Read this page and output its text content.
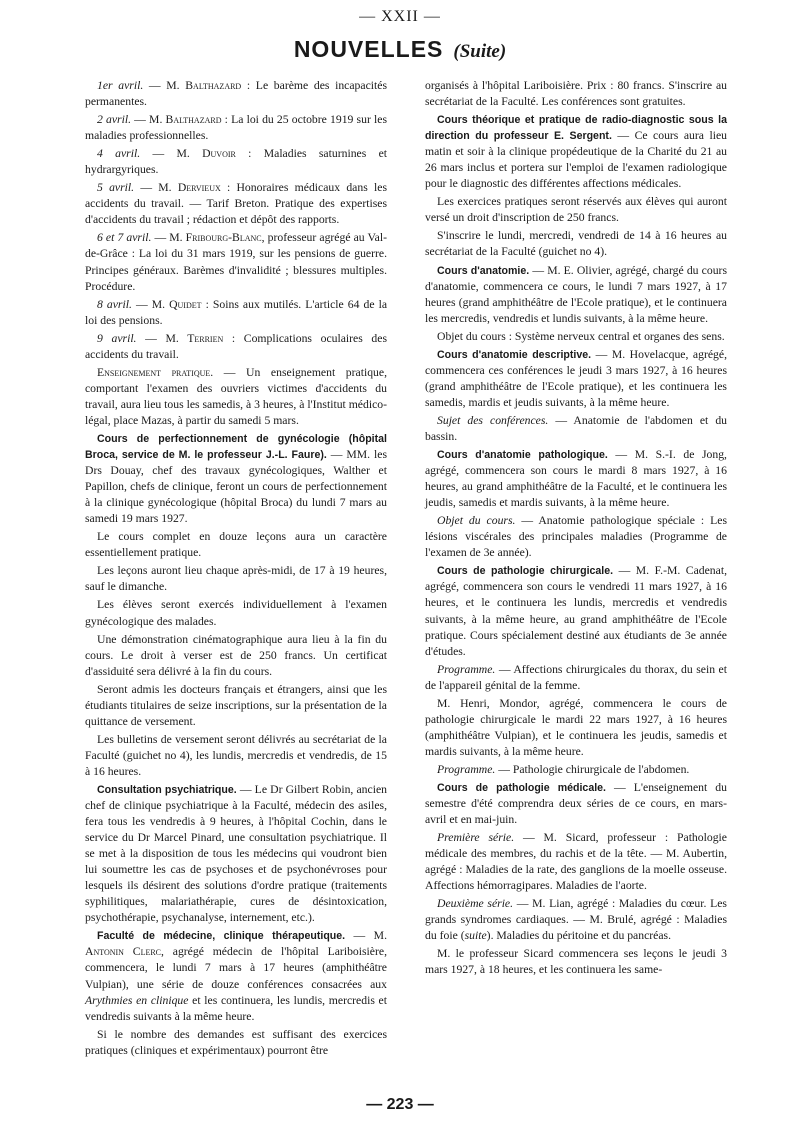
— XXII —
NOUVELLES (Suite)

1er avril. — M. Balthazard : Le barème des incapacités permanentes.

2 avril. — M. Balthazard : La loi du 25 octobre 1919 sur les maladies professionnelles.

4 avril. — M. Duvoir : Maladies saturnines et hydrargyriques.

5 avril. — M. Dervieux : Honoraires médicaux dans les accidents du travail. — Tarif Breton. Pratique des expertises d'accidents du travail ; rédaction et dépôt des rapports.

6 et 7 avril. — M. Fribourg-Blanc, professeur agrégé au Val-de-Grâce : La loi du 31 mars 1919, sur les pensions de guerre. Principes généraux. Barèmes d'invalidité ; blessures multiples. Procédure.

8 avril. — M. Quidet : Soins aux mutilés. L'article 64 de la loi des pensions.

9 avril. — M. Terrien : Complications oculaires des accidents du travail.

Enseignement pratique. — Un enseignement pratique, comportant l'examen des ouvriers victimes d'accidents du travail, aura lieu tous les samedis, à 3 heures, à l'Institut médico-légal, place Mazas, à partir du samedi 5 mars.

Cours de perfectionnement de gynécologie (hôpital Broca, service de M. le professeur J.-L. Faure). — MM. les Drs Douay, chef des travaux gynécologiques, Walther et Papillon, chefs de clinique, feront un cours de perfectionnement à la clinique gynécologique (hôpital Broca) du lundi 7 mars au samedi 19 mars 1927.

Le cours complet en douze leçons aura un caractère essentiellement pratique.

Les leçons auront lieu chaque après-midi, de 17 à 19 heures, sauf le dimanche.

Les élèves seront exercés individuellement à l'examen gynécologique des malades.

Une démonstration cinématographique aura lieu à la fin du cours. Le droit à verser est de 250 francs. Un certificat d'assiduité sera délivré à la fin du cours.

Seront admis les docteurs français et étrangers, ainsi que les étudiants titulaires de seize inscriptions, sur la présentation de la quittance de versement.

Les bulletins de versement seront délivrés au secrétariat de la Faculté (guichet no 4), les lundis, mercredis et vendredis, de 15 à 16 heures.

Consultation psychiatrique. — Le Dr Gilbert Robin, ancien chef de clinique psychiatrique à la Faculté, médecin des asiles, fera tous les vendredis à 9 heures, à l'hôpital Cochin, dans le service du Dr Marcel Pinard, une consultation psychiatrique. Il se met à la disposition de tous les médecins qui voudront bien lui soumettre les cas de psychoses et de psychonévroses pour lesquels ils désirent des solutions d'ordre pratique (traitements syphilitiques, malariathérapie, cures de désintoxication, psychothérapie, psychanalyse, internement, etc.).

Faculté de médecine, clinique thérapeutique. — M. Antonin Clerc, agrégé médecin de l'hôpital Lariboisière, commencera, le lundi 7 mars à 17 heures (amphithéâtre Vulpian), une série de douze conférences consacrées aux Arythmies en clinique et les continuera, les lundis, mercredis et vendredis suivants à la même heure.

Si le nombre des demandes est suffisant des exercices pratiques (cliniques et expérimentaux) pourront être

organisés à l'hôpital Lariboisière. Prix : 80 francs. S'inscrire au secrétariat de la Faculté. Les conférences sont gratuites.

Cours théorique et pratique de radio-diagnostic sous la direction du professeur E. Sergent. — Ce cours aura lieu matin et soir à la clinique propédeutique de la Charité du 21 au 26 mars inclus et portera sur l'emploi de l'examen radiologique pour le diagnostic des différentes affections médicales.

Les exercices pratiques seront réservés aux élèves qui auront versé un droit d'inscription de 250 francs.

S'inscrire le lundi, mercredi, vendredi de 14 à 16 heures au secrétariat de la Faculté (guichet no 4).

Cours d'anatomie. — M. E. Olivier, agrégé, chargé du cours d'anatomie, commencera ce cours, le lundi 7 mars 1927, à 17 heures (grand amphithéâtre de l'Ecole pratique), et le continuera les mercredis, vendredis et lundis suivants, à la même heure.

Objet du cours : Système nerveux central et organes des sens.

Cours d'anatomie descriptive. — M. Hovelacque, agrégé, commencera ces conférences le jeudi 3 mars 1927, à 16 heures (grand amphithéâtre de l'Ecole pratique), et les continuera les samedis, mardis et jeudis suivants, à la même heure.

Sujet des conférences. — Anatomie de l'abdomen et du bassin.

Cours d'anatomie pathologique. — M. S.-I. de Jong, agrégé, commencera son cours le mardi 8 mars 1927, à 16 heures, au grand amphithéâtre de la Faculté, et le continuera les jeudis, samedis et mardis suivants, à la même heure.

Objet du cours. — Anatomie pathologique spéciale : Les lésions viscérales des principales maladies (Programme de l'examen de 3e année).

Cours de pathologie chirurgicale. — M. F.-M. Cadenat, agrégé, commencera son cours le vendredi 11 mars 1927, à 16 heures, et le continuera les lundis, mercredis et vendredis suivants, à la même heure, au grand amphithéâtre de l'Ecole pratique. Cours spécialement destiné aux étudiants de 3e année d'études.

Programme. — Affections chirurgicales du thorax, du sein et de l'appareil génital de la femme.

M. Henri, Mondor, agrégé, commencera le cours de pathologie chirurgicale le mardi 22 mars 1927, à 16 heures (amphithéâtre Vulpian), et le continuera les jeudis, samedis et mardis suivants, à la même heure.

Programme. — Pathologie chirurgicale de l'abdomen.

Cours de pathologie médicale. — L'enseignement du semestre d'été comprendra deux séries de ce cours, en mars-avril et en mai-juin.

Première série. — M. Sicard, professeur : Pathologie médicale des membres, du rachis et de la tête. — M. Aubertin, agrégé : Maladies de la rate, des ganglions de la moelle osseuse. Affections hémorragipares. Maladies de l'aorte.

Deuxième série. — M. Lian, agrégé : Maladies du cœur. Les grands syndromes cardiaques. — M. Brulé, agrégé : Maladies du foie (suite). Maladies du péritoine et du pancréas.

M. le professeur Sicard commencera ses leçons le jeudi 3 mars 1927, à 18 heures, et les continuera les same-

— 223 —
